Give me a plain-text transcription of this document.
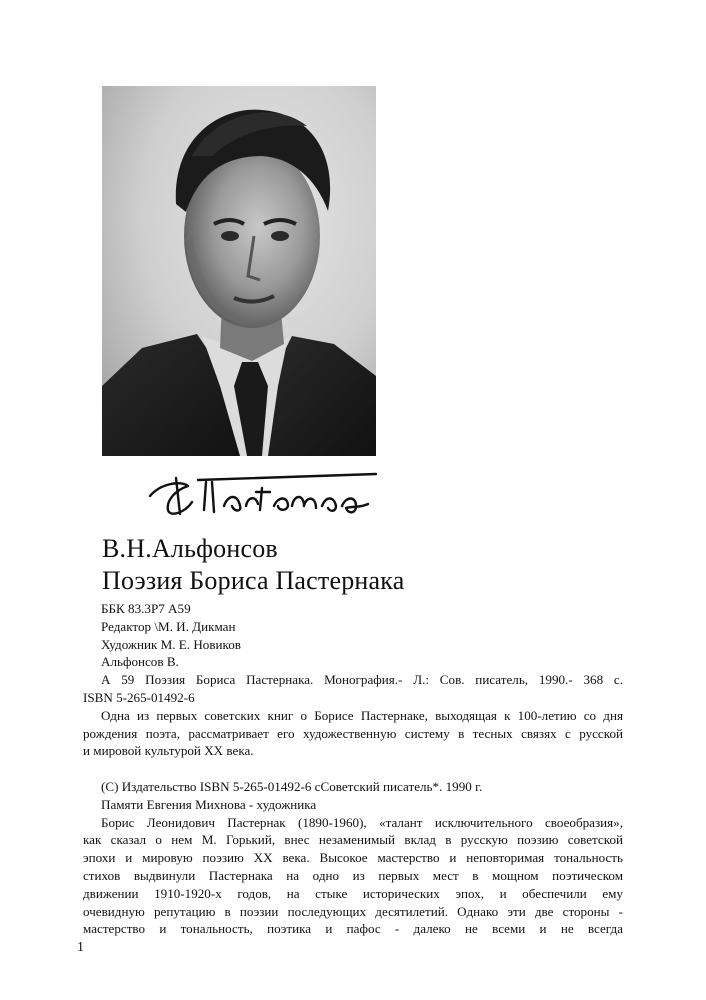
В.Н.Альфонсов
Поэзия Бориса Пастернака
ББК 83.3Р7 А59
Редактор \М. И. Дикман
Художник М. Е. Новиков
Альфонсов В.
А 59 Поэзия Бориса Пастернака. Монография.- Л.: Сов. писатель, 1990.- 368 с.
ISBN 5-265-01492-6
Одна из первых советских книг о Борисе Пастернаке, выходящая к 100-летию со дня
рождения поэта, рассматривает его художественную систему в тесных связях с русской
и мировой культурой XX века.
(С) Издательство ISBN 5-265-01492-6 сСоветский писатель*. 1990 г.
Памяти Евгения Михнова - художника
Борис Леонидович Пастернак (1890-1960), «талант исключительного своеобразия»,
как сказал о нем М. Горький, внес незаменимый вклад в русскую поэзию советской
эпохи и мировую поэзию XX века. Высокое мастерство и неповторимая тональность
стихов выдвинули Пастернака на одно из первых мест в мощном поэтическом
движении 1910-1920-х годов, на стыке исторических эпох, и обеспечили ему
очевидную репутацию в поэзии последующих десятилетий. Однако эти две стороны -
мастерство и тональность, поэтика и пафос - далеко не всеми и не всегда
1
